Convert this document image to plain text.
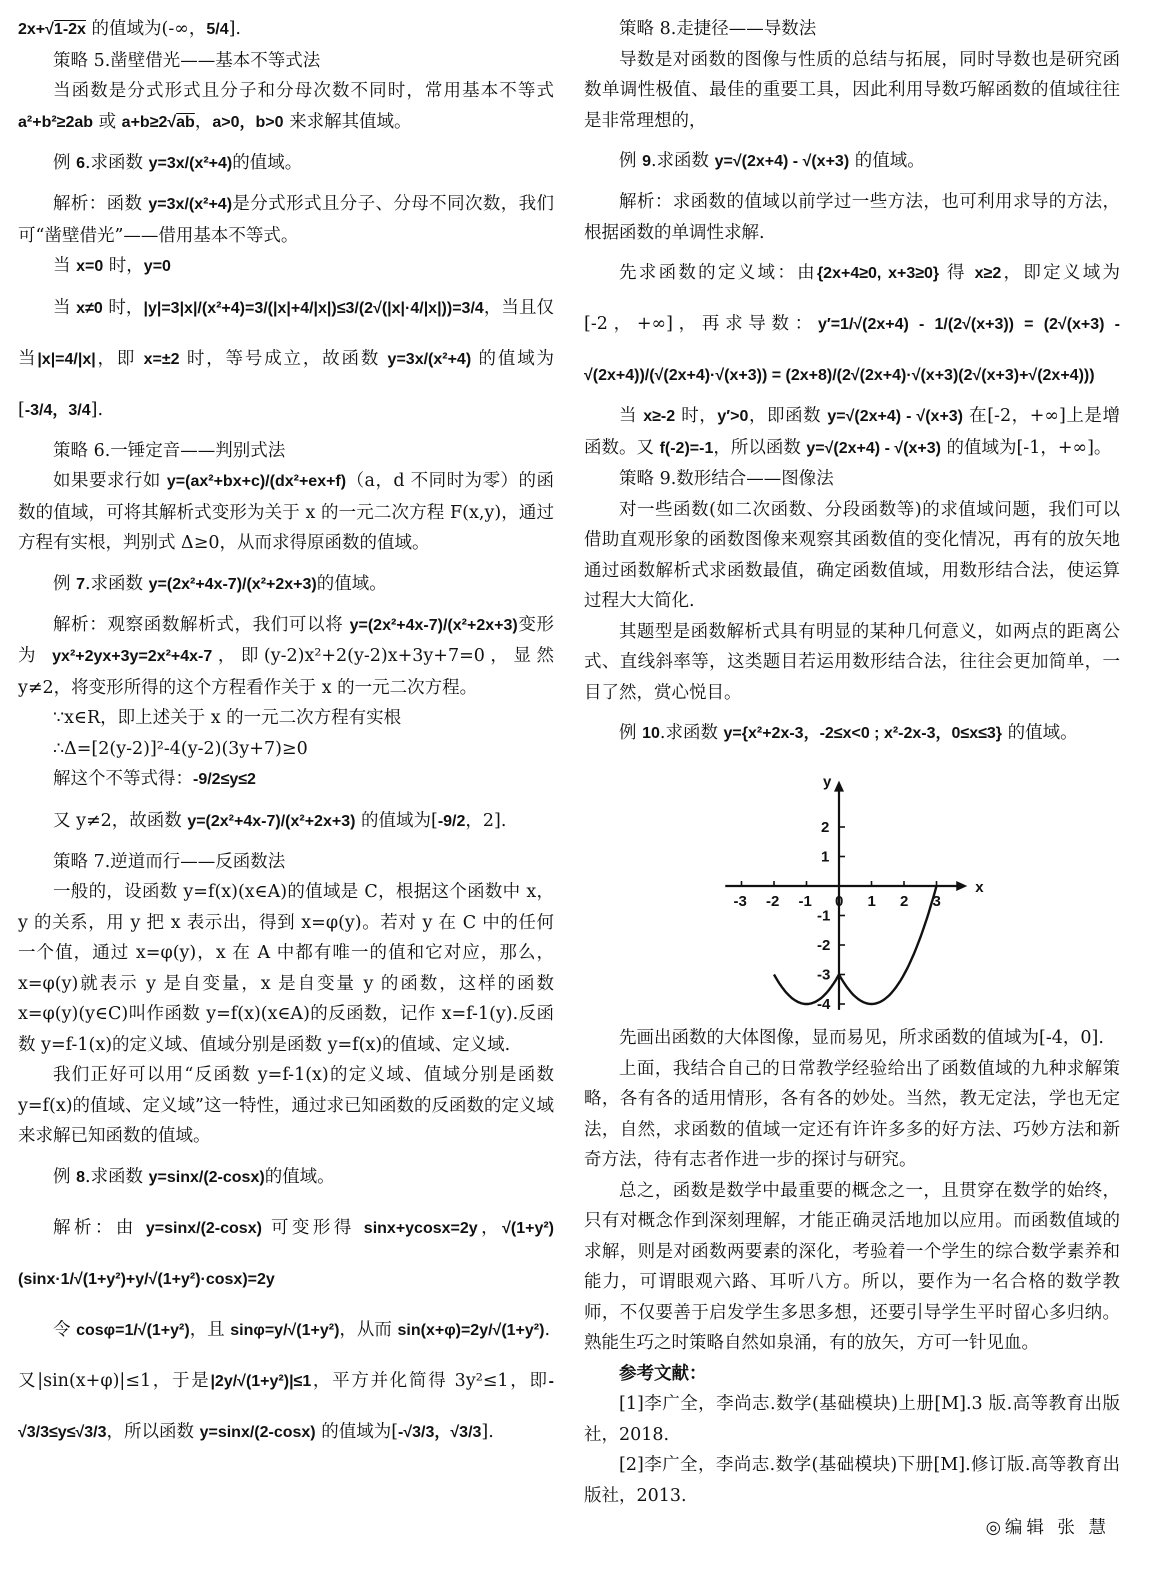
2x+√1-2x 的值域为(-∞，5/4].

策略 5.凿壁借光——基本不等式法

当函数是分式形式且分子和分母次数不同时，常用基本不等式 a²+b²≥2ab 或 a+b≥2√ab，a>0，b>0 来求解其值域。

例 6.求函数 y=3x/(x²+4)的值域。

解析：函数 y=3x/(x²+4)是分式形式且分子、分母不同次数，我们可“凿壁借光”——借用基本不等式。

当 x=0 时，y=0

当 x≠0 时，|y|=3|x|/(x²+4)=3/(|x|+4/|x|)≤3/(2√(|x|·4/|x|))=3/4，当且仅当|x|=4/|x|，即 x=±2 时，等号成立，故函数 y=3x/(x²+4) 的值域为[-3/4，3/4].

策略 6.一锤定音——判别式法

如果要求行如 y=(ax²+bx+c)/(dx²+ex+f)（a，d 不同时为零）的函数的值域，可将其解析式变形为关于 x 的一元二次方程 F(x,y)，通过方程有实根，判别式 Δ≥0，从而求得原函数的值域。

例 7.求函数 y=(2x²+4x-7)/(x²+2x+3)的值域。

解析：观察函数解析式，我们可以将 y=(2x²+4x-7)/(x²+2x+3)变形为 yx²+2yx+3y=2x²+4x-7，即(y-2)x²+2(y-2)x+3y+7=0，显然 y≠2，将变形所得的这个方程看作关于 x 的一元二次方程。

∵x∈R，即上述关于 x 的一元二次方程有实根

∴Δ=[2(y-2)]²-4(y-2)(3y+7)≥0

解这个不等式得：-9/2≤y≤2

又 y≠2，故函数 y=(2x²+4x-7)/(x²+2x+3) 的值域为[-9/2，2].

策略 7.逆道而行——反函数法

一般的，设函数 y=f(x)(x∈A)的值域是 C，根据这个函数中 x，y 的关系，用 y 把 x 表示出，得到 x=φ(y)。若对 y 在 C 中的任何一个值，通过 x=φ(y)，x 在 A 中都有唯一的值和它对应，那么，x=φ(y)就表示 y 是自变量，x 是自变量 y 的函数，这样的函数 x=φ(y)(y∈C)叫作函数 y=f(x)(x∈A)的反函数，记作 x=f-1(y).反函数 y=f-1(x)的定义域、值域分别是函数 y=f(x)的值域、定义域.

我们正好可以用“反函数 y=f-1(x)的定义域、值域分别是函数 y=f(x)的值域、定义域”这一特性，通过求已知函数的反函数的定义域来求解已知函数的值域。

例 8.求函数 y=sinx/(2-cosx)的值域。

解析：由 y=sinx/(2-cosx) 可变形得 sinx+ycosx=2y，√(1+y²)(sinx·1/√(1+y²)+y/√(1+y²)·cosx)=2y

令 cosφ=1/√(1+y²)，且 sinφ=y/√(1+y²)，从而 sin(x+φ)=2y/√(1+y²).

又|sin(x+φ)|≤1，于是|2y/√(1+y²)|≤1，平方并化简得 3y²≤1，即-√3/3≤y≤√3/3，所以函数 y=sinx/(2-cosx) 的值域为[-√3/3，√3/3].

策略 8.走捷径——导数法

导数是对函数的图像与性质的总结与拓展，同时导数也是研究函数单调性极值、最佳的重要工具，因此利用导数巧解函数的值域往往是非常理想的，

例 9.求函数 y=√(2x+4) - √(x+3) 的值域。

解析：求函数的值域以前学过一些方法，也可利用求导的方法，根据函数的单调性求解.

先求函数的定义域：由{2x+4≥0, x+3≥0} 得 x≥2，即定义域为[-2，+∞]，再求导数：y′=1/√(2x+4) - 1/(2√(x+3)) = (2√(x+3) - √(2x+4))/(√(2x+4)·√(x+3)) = (2x+8)/(2√(2x+4)·√(x+3)(2√(x+3)+√(2x+4)))

当 x≥-2 时，y′>0，即函数 y=√(2x+4) - √(x+3) 在[-2，+∞]上是增函数。又 f(-2)=-1，所以函数 y=√(2x+4) - √(x+3) 的值域为[-1，+∞]。

策略 9.数形结合——图像法

对一些函数(如二次函数、分段函数等)的求值域问题，我们可以借助直观形象的函数图像来观察其函数值的变化情况，再有的放矢地通过函数解析式求函数最值，确定函数值域，用数形结合法，使运算过程大大简化.

其题型是函数解析式具有明显的某种几何意义，如两点的距离公式、直线斜率等，这类题目若运用数形结合法，往往会更加简单，一目了然，赏心悦目。

例 10.求函数 y={x²+2x-3，-2≤x<0 ; x²-2x-3，0≤x≤3} 的值域。

-3 -2 -1 0 1 2 3
2
1
-1
-2
-3
-4
x
y

先画出函数的大体图像，显而易见，所求函数的值域为[-4，0].

上面，我结合自己的日常教学经验给出了函数值域的九种求解策略，各有各的适用情形，各有各的妙处。当然，教无定法，学也无定法，自然，求函数的值域一定还有许许多多的好方法、巧妙方法和新奇方法，待有志者作进一步的探讨与研究。

总之，函数是数学中最重要的概念之一，且贯穿在数学的始终，只有对概念作到深刻理解，才能正确灵活地加以应用。而函数值域的求解，则是对函数两要素的深化，考验着一个学生的综合数学素养和能力，可谓眼观六路、耳听八方。所以，要作为一名合格的数学教师，不仅要善于启发学生多思多想，还要引导学生平时留心多归纳。熟能生巧之时策略自然如泉涌，有的放矢，方可一针见血。

参考文献：

[1]李广全，李尚志.数学(基础模块)上册[M].3 版.高等教育出版社，2018.

[2]李广全，李尚志.数学(基础模块)下册[M].修订版.高等教育出版社，2013.

◎编辑 张 慧
